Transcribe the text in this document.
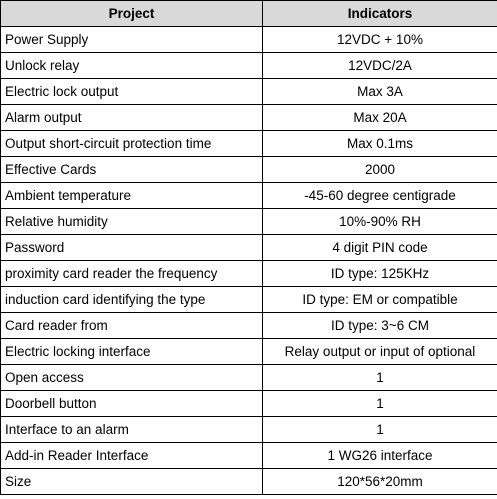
Project	Indicators
Power Supply	12VDC + 10%
Unlock relay	12VDC/2A
Electric lock output	Max 3A
Alarm output	Max 20A
Output short-circuit protection time	Max 0.1ms
Effective Cards	2000
Ambient temperature	-45-60 degree centigrade
Relative humidity	10%-90% RH
Password	4 digit PIN code
proximity card reader the frequency	ID type: 125KHz
induction card identifying the type	ID type: EM or compatible
Card reader from	ID type: 3~6 CM
Electric locking interface	Relay output or input of optional
Open access	1
Doorbell button	1
Interface to an alarm	1
Add-in Reader Interface	1 WG26 interface
Size	120*56*20mm
